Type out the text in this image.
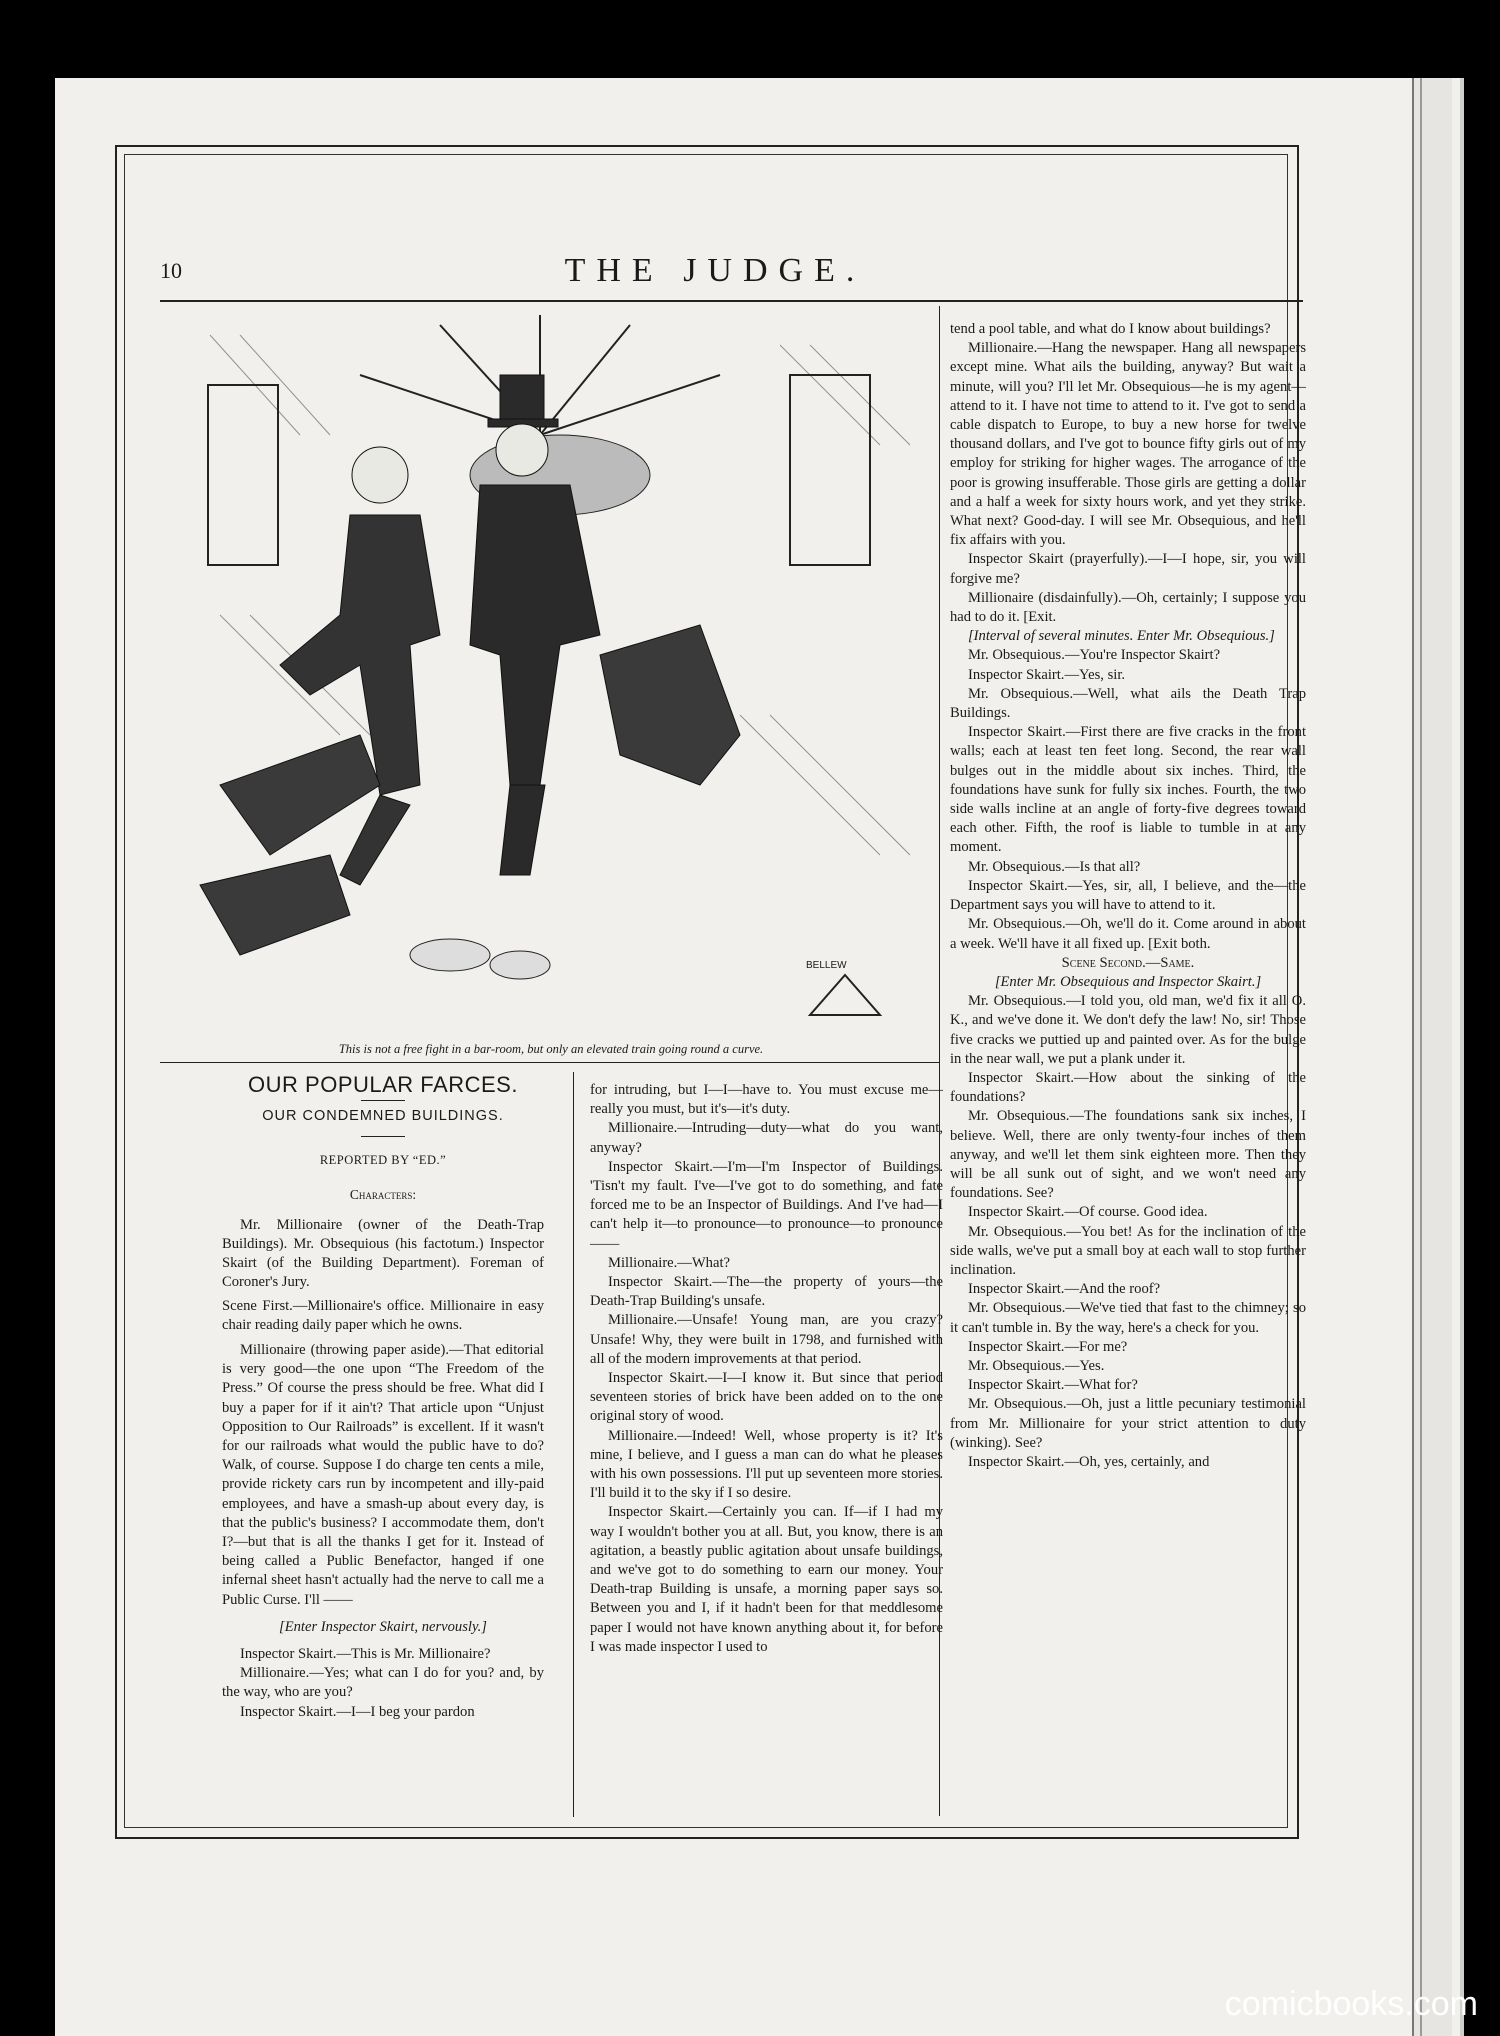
10	THE JUDGE.
BELLEW
This is not a free fight in a bar-room, but only an elevated train going round a curve.
OUR POPULAR FARCES.
OUR CONDEMNED BUILDINGS.
REPORTED BY “ED.”
Characters:

Mr. Millionaire (owner of the Death-Trap Buildings). Mr. Obsequious (his factotum.) Inspector Skairt (of the Building Department). Foreman of Coroner's Jury.

Scene First.—Millionaire's office. Millionaire in easy chair reading daily paper which he owns.

Millionaire (throwing paper aside).—That editorial is very good—the one upon “The Freedom of the Press.” Of course the press should be free. What did I buy a paper for if it ain't? That article upon “Unjust Opposition to Our Railroads” is excellent. If it wasn't for our railroads what would the public have to do? Walk, of course. Suppose I do charge ten cents a mile, provide rickety cars run by incompetent and illy-paid employees, and have a smash-up about every day, is that the public's business? I accommodate them, don't I?—but that is all the thanks I get for it. Instead of being called a Public Benefactor, hanged if one infernal sheet hasn't actually had the nerve to call me a Public Curse. I'll ——

[Enter Inspector Skairt, nervously.]

Inspector Skairt.—This is Mr. Millionaire?

Millionaire.—Yes; what can I do for you? and, by the way, who are you?

Inspector Skairt.—I—I beg your pardon

for intruding, but I—I—have to. You must excuse me—really you must, but it's—it's duty.

Millionaire.—Intruding—duty—what do you want, anyway?

Inspector Skairt.—I'm—I'm Inspector of Buildings. 'Tisn't my fault. I've—I've got to do something, and fate forced me to be an Inspector of Buildings. And I've had—I can't help it—to pronounce—to pronounce—to pronounce——

Millionaire.—What?

Inspector Skairt.—The—the property of yours—the Death-Trap Building's unsafe.

Millionaire.—Unsafe! Young man, are you crazy? Unsafe! Why, they were built in 1798, and furnished with all of the modern improvements at that period.

Inspector Skairt.—I—I know it. But since that period seventeen stories of brick have been added on to the one original story of wood.

Millionaire.—Indeed! Well, whose property is it? It's mine, I believe, and I guess a man can do what he pleases with his own possessions. I'll put up seventeen more stories. I'll build it to the sky if I so desire.

Inspector Skairt.—Certainly you can. If—if I had my way I wouldn't bother you at all. But, you know, there is an agitation, a beastly public agitation about unsafe buildings, and we've got to do something to earn our money. Your Death-trap Building is unsafe, a morning paper says so. Between you and I, if it hadn't been for that meddlesome paper I would not have known anything about it, for before I was made inspector I used to

tend a pool table, and what do I know about buildings?

Millionaire.—Hang the newspaper. Hang all newspapers except mine. What ails the building, anyway? But wait a minute, will you? I'll let Mr. Obsequious—he is my agent—attend to it. I have not time to attend to it. I've got to send a cable dispatch to Europe, to buy a new horse for twelve thousand dollars, and I've got to bounce fifty girls out of my employ for striking for higher wages. The arrogance of the poor is growing insufferable. Those girls are getting a dollar and a half a week for sixty hours work, and yet they strike. What next? Good-day. I will see Mr. Obsequious, and he'll fix affairs with you.

Inspector Skairt (prayerfully).—I—I hope, sir, you will forgive me?

Millionaire (disdainfully).—Oh, certainly; I suppose you had to do it. [Exit.

[Interval of several minutes. Enter Mr. Obsequious.]

Mr. Obsequious.—You're Inspector Skairt?

Inspector Skairt.—Yes, sir.

Mr. Obsequious.—Well, what ails the Death Trap Buildings.

Inspector Skairt.—First there are five cracks in the front walls; each at least ten feet long. Second, the rear wall bulges out in the middle about six inches. Third, the foundations have sunk for fully six inches. Fourth, the two side walls incline at an angle of forty-five degrees toward each other. Fifth, the roof is liable to tumble in at any moment.

Mr. Obsequious.—Is that all?

Inspector Skairt.—Yes, sir, all, I believe, and the—the Department says you will have to attend to it.

Mr. Obsequious.—Oh, we'll do it. Come around in about a week. We'll have it all fixed up. [Exit both.

Scene Second.—Same.

[Enter Mr. Obsequious and Inspector Skairt.]

Mr. Obsequious.—I told you, old man, we'd fix it all O. K., and we've done it. We don't defy the law! No, sir! Those five cracks we puttied up and painted over. As for the bulge in the near wall, we put a plank under it.

Inspector Skairt.—How about the sinking of the foundations?

Mr. Obsequious.—The foundations sank six inches, I believe. Well, there are only twenty-four inches of them anyway, and we'll let them sink eighteen more. Then they will be all sunk out of sight, and we won't need any foundations. See?

Inspector Skairt.—Of course. Good idea.

Mr. Obsequious.—You bet! As for the inclination of the side walls, we've put a small boy at each wall to stop further inclination.

Inspector Skairt.—And the roof?

Mr. Obsequious.—We've tied that fast to the chimney; so it can't tumble in. By the way, here's a check for you.

Inspector Skairt.—For me?

Mr. Obsequious.—Yes.

Inspector Skairt.—What for?

Mr. Obsequious.—Oh, just a little pecuniary testimonial from Mr. Millionaire for your strict attention to duty (winking). See?

Inspector Skairt.—Oh, yes, certainly, and

comicbooks.com
